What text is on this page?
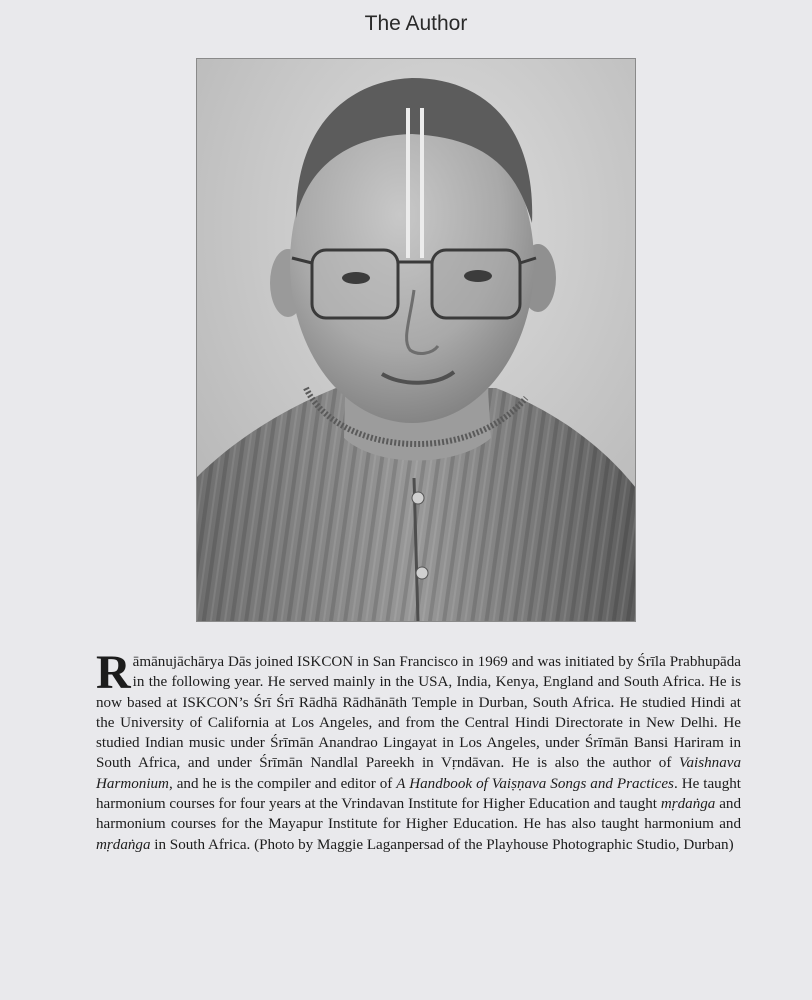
The Author
Rāmānujāchārya Dās joined ISKCON in San Francisco in 1969 and was initiated by Śrīla Prabhupāda in the following year. He served mainly in the USA, India, Kenya, England and South Africa. He is now based at ISKCON’s Śrī Śrī Rādhā Rādhānāth Temple in Durban, South Africa. He studied Hindi at the University of California at Los Angeles, and from the Central Hindi Directorate in New Delhi. He studied Indian music under Śrīmān Anandrao Lingayat in Los Angeles, under Śrīmān Bansi Hariram in South Africa, and under Śrīmān Nandlal Pareekh in Vṛndāvan. He is also the author of Vaishnava Harmonium, and he is the compiler and editor of A Handbook of Vaiṣṇava Songs and Practices. He taught harmonium courses for four years at the Vrindavan Institute for Higher Education and taught mṛdaṅga and harmonium courses for the Mayapur Institute for Higher Education. He has also taught harmonium and mṛdaṅga in South Africa. (Photo by Maggie Laganpersad of the Playhouse Photographic Studio, Durban)
